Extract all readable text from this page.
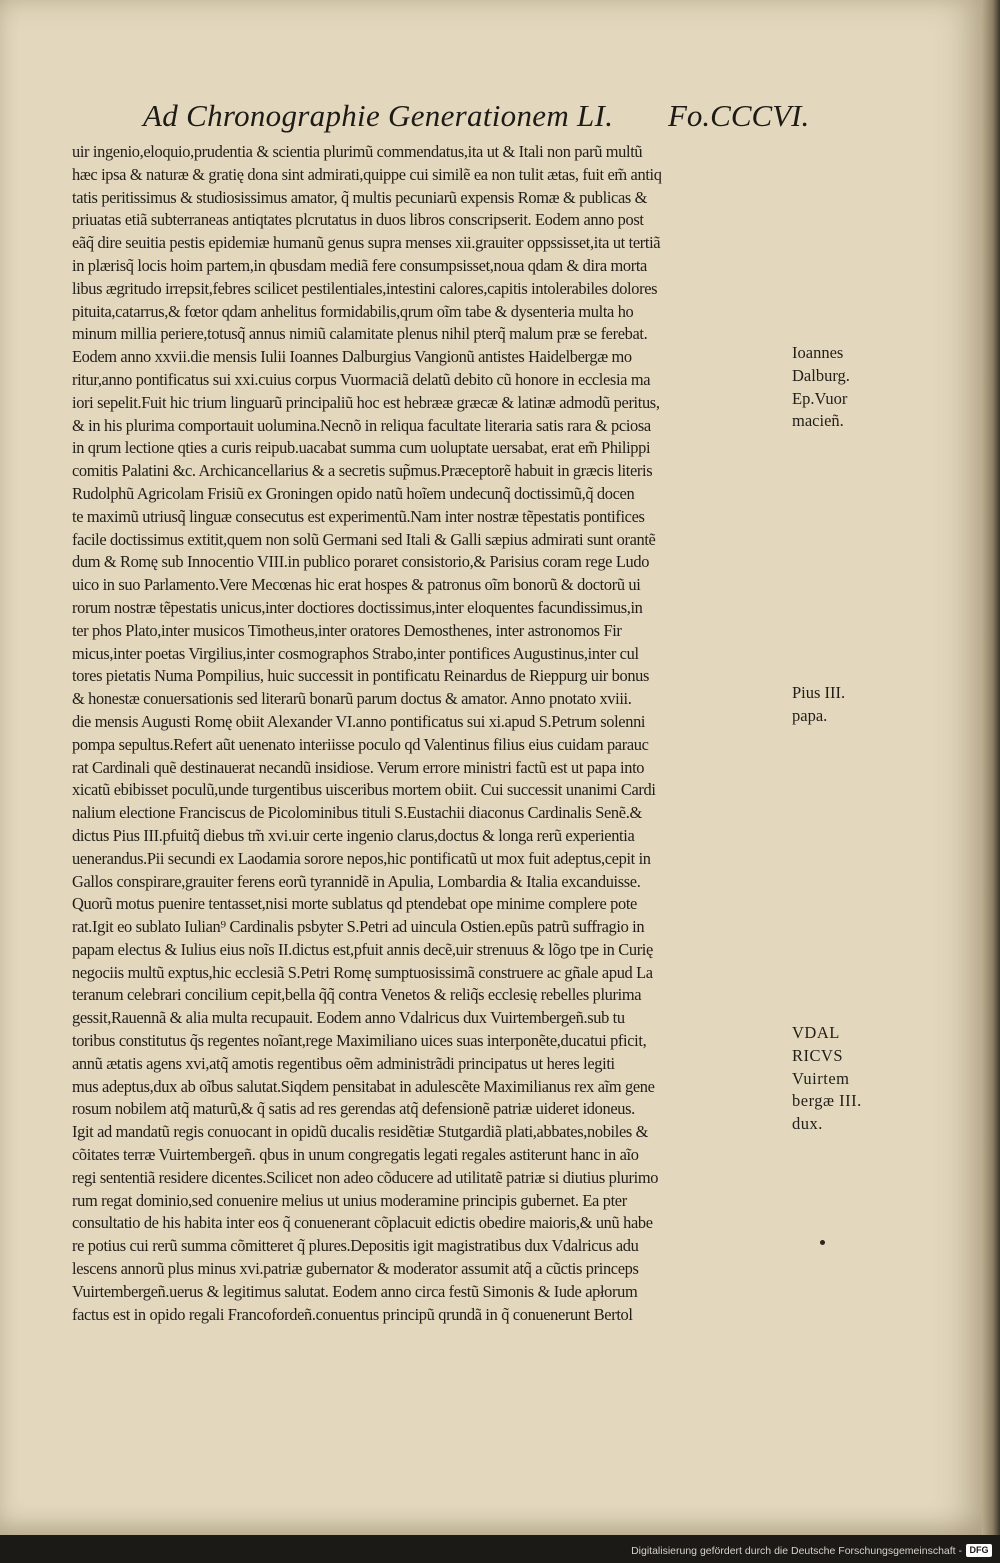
Ad Chronographie Generationem LI. Fo.CCCVI.
uir ingenio,eloquio,prudentia & scientia plurimũ commendatus,ita ut & Itali non parũ multũ
hæc ipsa & naturæ & gratię dona sint admirati,quippe cui similẽ ea non tulit ætas, fuit em̃ antiq
tatis peritissimus & studiosissimus amator, q̃ multis pecuniarũ expensis Romæ & publicas &
priuatas etiã subterraneas antiqtates plcrutatus in duos libros conscripserit. Eodem anno post
eãq̃ dire seuitia pestis epidemiæ humanũ genus supra menses xii.grauiter oppssisset,ita ut tertiã
in plærisq̃ locis hoim partem,in qbusdam mediã fere consumpsisset,noua qdam & dira morta
libus ægritudo irrepsit,febres scilicet pestilentiales,intestini calores,capitis intolerabiles dolores
pituita,catarrus,& fœtor qdam anhelitus formidabilis,qrum oĩm tabe & dysenteria multa ho
minum millia periere,totusq̃ annus nimiũ calamitate plenus nihil pterq̃ malum præ se ferebat.
Eodem anno xxvii.die mensis Iulii Ioannes Dalburgius Vangionũ antistes Haidelbergæ mo
ritur,anno pontificatus sui xxi.cuius corpus Vuormaciã delatũ debito cũ honore in ecclesia ma
iori sepelit.Fuit hic trium linguarũ principaliũ hoc est hebrææ græcæ & latinæ admodũ peritus,
& in his plurima comportauit uolumina.Necnõ in reliqua facultate literaria satis rara & pciosa
in qrum lectione qties a curis reipub.uacabat summa cum uoluptate uersabat, erat em̃ Philippi
comitis Palatini &c. Archicancellarius & a secretis sup̃mus.Præceptorẽ habuit in græcis literis
Rudolphũ Agricolam Frisiũ ex Groningen opido natũ hoĩem undecunq̃ doctissimũ,q̃ docen
te maximũ utriusq̃ linguæ consecutus est experimentũ.Nam inter nostræ tẽpestatis pontifices
facile doctissimus extitit,quem non solũ Germani sed Itali & Galli sæpius admirati sunt orantẽ
dum & Romę sub Innocentio VIII.in publico poraret consistorio,& Parisius coram rege Ludo
uico in suo Parlamento.Vere Mecœnas hic erat hospes & patronus oĩm bonorũ & doctorũ ui
rorum nostræ tẽpestatis unicus,inter doctiores doctissimus,inter eloquentes facundissimus,in
ter phos Plato,inter musicos Timotheus,inter oratores Demosthenes, inter astronomos Fir
micus,inter poetas Virgilius,inter cosmographos Strabo,inter pontifices Augustinus,inter cul
tores pietatis Numa Pompilius, huic successit in pontificatu Reinardus de Rieppurg uir bonus
& honestæ conuersationis sed literarũ bonarũ parum doctus & amator. Anno pnotato xviii.
die mensis Augusti Romę obiit Alexander VI.anno pontificatus sui xi.apud S.Petrum solenni
pompa sepultus.Refert aũt uenenato interiisse poculo qd Valentinus filius eius cuidam parauc
rat Cardinali quẽ destinauerat necandũ insidiose. Verum errore ministri factũ est ut papa into
xicatũ ebibisset poculũ,unde turgentibus uisceribus mortem obiit. Cui successit unanimi Cardi
nalium electione Franciscus de Picolominibus tituli S.Eustachii diaconus Cardinalis Senẽ.&
dictus Pius III.pfuitq̃ diebus tm̃ xvi.uir certe ingenio clarus,doctus & longa rerũ experientia
uenerandus.Pii secundi ex Laodamia sorore nepos,hic pontificatũ ut mox fuit adeptus,cepit in
Gallos conspirare,grauiter ferens eorũ tyrannidẽ in Apulia, Lombardia & Italia excanduisse.
Quorũ motus puenire tentasset,nisi morte sublatus qd ptendebat ope minime complere pote
rat.Igit eo sublato Iulian⁹ Cardinalis psbyter S.Petri ad uincula Ostien.epũs patrũ suffragio in
papam electus & Iulius eius noĩs II.dictus est,pfuit annis decẽ,uir strenuus & lõgo tpe in Curię
negociis multũ exptus,hic ecclesiã S.Petri Romę sumptuosissimã construere ac gñale apud La
teranum celebrari concilium cepit,bella q̃q̃ contra Venetos & reliq̃s ecclesię rebelles plurima
gessit,Rauennã & alia multa recupauit. Eodem anno Vdalricus dux Vuirtembergeñ.sub tu
toribus constitutus q̃s regentes noĩant,rege Maximiliano uices suas interponẽte,ducatui pficit,
annũ ætatis agens xvi,atq̃ amotis regentibus oẽm administrãdi principatus ut heres legiti
mus adeptus,dux ab oĩbus salutat.Siqdem pensitabat in adulescẽte Maximilianus rex aĩm gene
rosum nobilem atq̃ maturũ,& q̃ satis ad res gerendas atq̃ defensionẽ patriæ uideret idoneus.
Igit ad mandatũ regis conuocant in opidũ ducalis residẽtiæ Stutgardiã plati,abbates,nobiles &
cõitates terræ Vuirtembergeñ. qbus in unum congregatis legati regales astiterunt hanc in aĩo
regi sententiã residere dicentes.Scilicet non adeo cõducere ad utilitatẽ patriæ si diutius plurimo
rum regat dominio,sed conuenire melius ut unius moderamine principis gubernet. Ea pter
consultatio de his habita inter eos q̃ conuenerant cõplacuit edictis obedire maioris,& unũ habe
re potius cui rerũ summa cõmitteret q̃ plures.Depositis igit magistratibus dux Vdalricus adu
lescens annorũ plus minus xvi.patriæ gubernator & moderator assumit atq̃ a cũctis princeps
Vuirtembergeñ.uerus & legitimus salutat. Eodem anno circa festũ Simonis & Iude apłorum
factus est in opido regali Francofordeñ.conuentus principũ qrundã in q̃ conuenerunt Bertol
Ioannes
Dalburg.
Ep.Vuor
macieñ.
Pius III.
papa.
VDAL
RICVS
Vuirtem
bergæ III.
dux.
Digitalisierung gefördert durch die Deutsche Forschungsgemeinschaft - DFG
